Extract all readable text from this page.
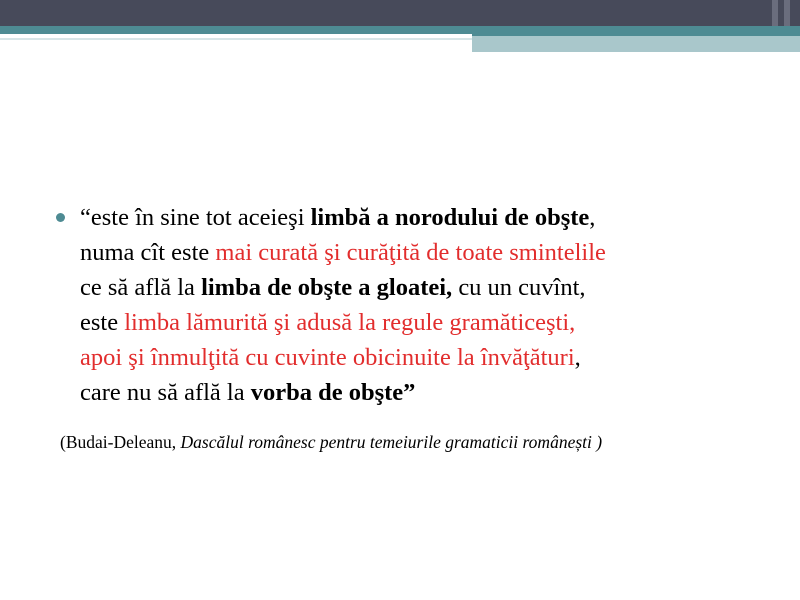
“este în sine tot aceieşi limbă a norodului de obşte,
numa cît este mai curată şi curăţită de toate smintelile
ce să află la limba de obşte a gloatei, cu un cuvînt,
este limba lămurită şi adusă la regule gramăticeşti,
apoi şi înmulţită cu cuvinte obicinuite la învăţături,
care nu să află la vorba de obşte”
(Budai-Deleanu, Dascălul românesc pentru temeiurile gramaticii românești )
